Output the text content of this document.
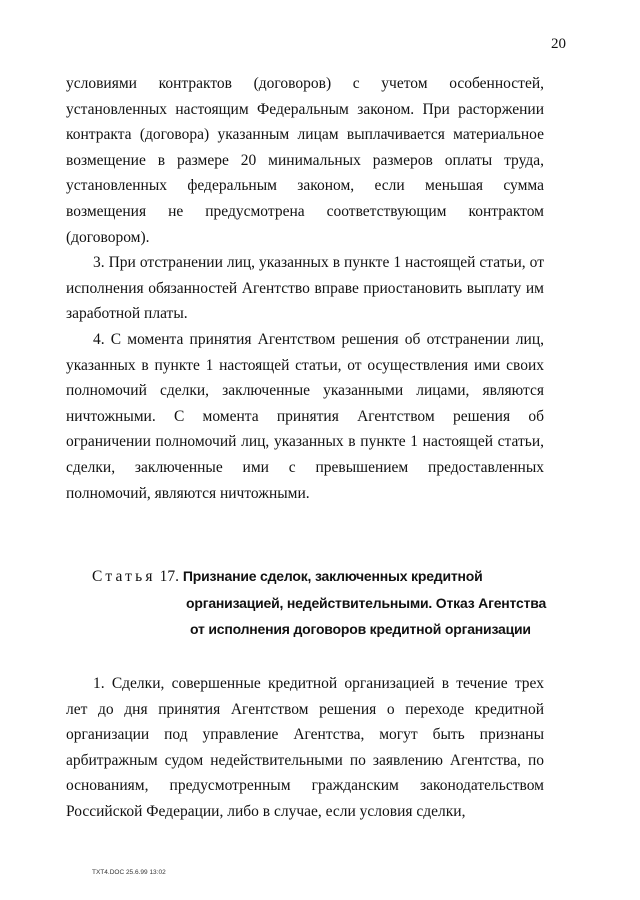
20

условиями контрактов (договоров) с учетом особенностей, установленных настоящим Федеральным законом. При расторжении контракта (договора) указанным лицам выплачивается материальное возмещение в размере 20 минимальных размеров оплаты труда, установленных федеральным законом, если меньшая сумма возмещения не предусмотрена соответствующим контрактом (договором).

3. При отстранении лиц, указанных в пункте 1 настоящей статьи, от исполнения обязанностей Агентство вправе приостановить выплату им заработной платы.

4. С момента принятия Агентством решения об отстранении лиц, указанных в пункте 1 настоящей статьи, от осуществления ими своих полномочий сделки, заключенные указанными лицами, являются ничтожными. С момента принятия Агентством решения об ограничении полномочий лиц, указанных в пункте 1 настоящей статьи, сделки, заключенные ими с превышением предоставленных полномочий, являются ничтожными.

Статья 17. Признание сделок, заключенных кредитной
организацией, недействительными. Отказ Агентства
от исполнения договоров кредитной организации

1. Сделки, совершенные кредитной организацией в течение трех лет до дня принятия Агентством решения о переходе кредитной организации под управление Агентства, могут быть признаны арбитражным судом недействительными по заявлению Агентства, по основаниям, предусмотренным гражданским законодательством Российской Федерации, либо в случае, если условия сделки,

TXT4.DOC 25.6.99 13:02
